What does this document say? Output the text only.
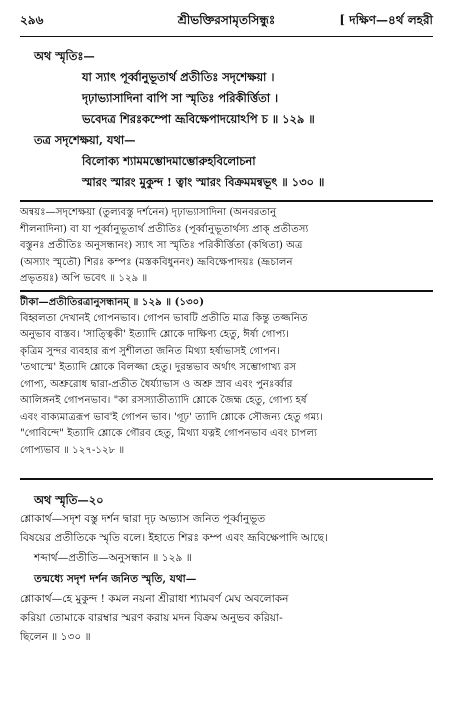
২৯৬	শ্রীভক্তিরসামৃতসিন্ধুঃ	[ দক্ষিণ—৪র্থ লহরী
অথ স্মৃতিঃ—
যা স্যাৎ পূর্ব্বানুভূতার্থ প্রতীতিঃ সদৃশেক্ষয়া ।
দৃঢ়াভ্যাসাদিনা বাপি সা স্মৃতিঃ পরিকীর্ত্তিতা ।
ভবেদত্র শিরঃকম্পো ভ্রূবিক্ষেপাদয়োঽপি চ ॥ ১২৯ ॥
তত্র সদৃশেক্ষয়া, যথা—
বিলোক্য শ্যামমম্ভোদমাম্ভোরুহবিলোচনা
স্মারং স্মারং মুকুন্দ ! ত্বাং স্মারং বিক্রমমন্বভূৎ ॥ ১৩০ ॥
অন্বয়ঃ—সদৃশেক্ষয়া (তুল্যবস্তু দর্শনেন) দৃঢ়াভ্যাসাদিনা (অনবরতানু
শীলনাদিনা) বা যা পূর্ব্বানুভূতার্থ প্রতীতিঃ (পূর্ব্বানুভূতার্থস্য প্রাক্ প্রতীতস্য
বস্তুনঃ প্রতীতিঃ অনুসন্ধানং) স্যাৎ সা স্মৃতিঃ পরিকীর্ত্তিতা (কথিতা) অত্র
(অস্যাং স্মৃতৌ) শিরঃ কম্পঃ (মস্তকবিধুননং) ভ্রূবিক্ষেপাদয়ঃ (ভ্রূচালন
প্রভৃতয়ঃ) অপি ভবেৎ ॥ ১২৯ ॥
টীকা—প্রতীতিরত্রানুসন্ধানম্ ॥ ১২৯ ॥ (১৩০)
বিহ্বলতা দেখানই গোপনভাব। গোপন ভাবটি প্রতীতি মাত্র কিন্তু তজ্জনিত
অনুভাব বাস্তব। 'সাত্ত্বিকী' ইত্যাদি শ্লোকে দাক্ষিণ্য হেতু, ঈর্ষা গোপ্য।
কৃত্রিম সুন্দর ব্যবহার রূপ সুশীলতা জনিত মিথ্যা হর্ষাভাসই গোপন।
'তথাস্মে' ইত্যাদি শ্লোকে বিলজ্জা হেতু। দুরন্তভাব অর্থাৎ সম্ভোগাখ্য রস
গোপ্য, অশ্রুরোধ দ্বারা-প্রতীত ধৈর্য্যাভাস ও অশ্রু স্রাব এবং পুনঃর্ব্বার
আলিঙ্গনই গোপনভাব। "কা রসস্যাতীত্যাদি শ্লোকে জৈহ্ম হেতু, গোপ্য হর্ষ
এবং বাক্যমাত্ররূপ ভাব'ই গোপন ভাব। 'গূঢ়' ত্যাদি শ্লোকে সৌজন্য হেতু গম্য।
"গোবিন্দে" ইত্যাদি শ্লোকে গৌরব হেতু, মিথ্যা যত্নই গোপনভাব এবং চাপল্য
গোপ্যভাব ॥ ১২৭-১২৮ ॥
অথ স্মৃতি—২০
শ্লোকার্থ—সদৃশ বস্তু দর্শন দ্বারা দৃঢ় অভ্যাস জনিত পূর্ব্বানুভূত
বিষয়ের প্রতীতিকে স্মৃতি বলে। ইহাতে শিরঃ কম্প এবং ভ্রূবিক্ষেপাদি আছে।
শব্দার্থ—প্রতীতি—অনুসন্ধান ॥ ১২৯ ॥
তন্মধ্যে সদৃশ দর্শন জনিত স্মৃতি, যথা—
শ্লোকার্থ—হে মুকুন্দ ! কমল নয়না শ্রীরাধা শ্যামবর্ণ মেঘ অবলোকন
করিয়া তোমাকে বারম্বার স্মরণ করায় মদন বিক্রম অনুভব করিয়া-
ছিলেন ॥ ১৩০ ॥
